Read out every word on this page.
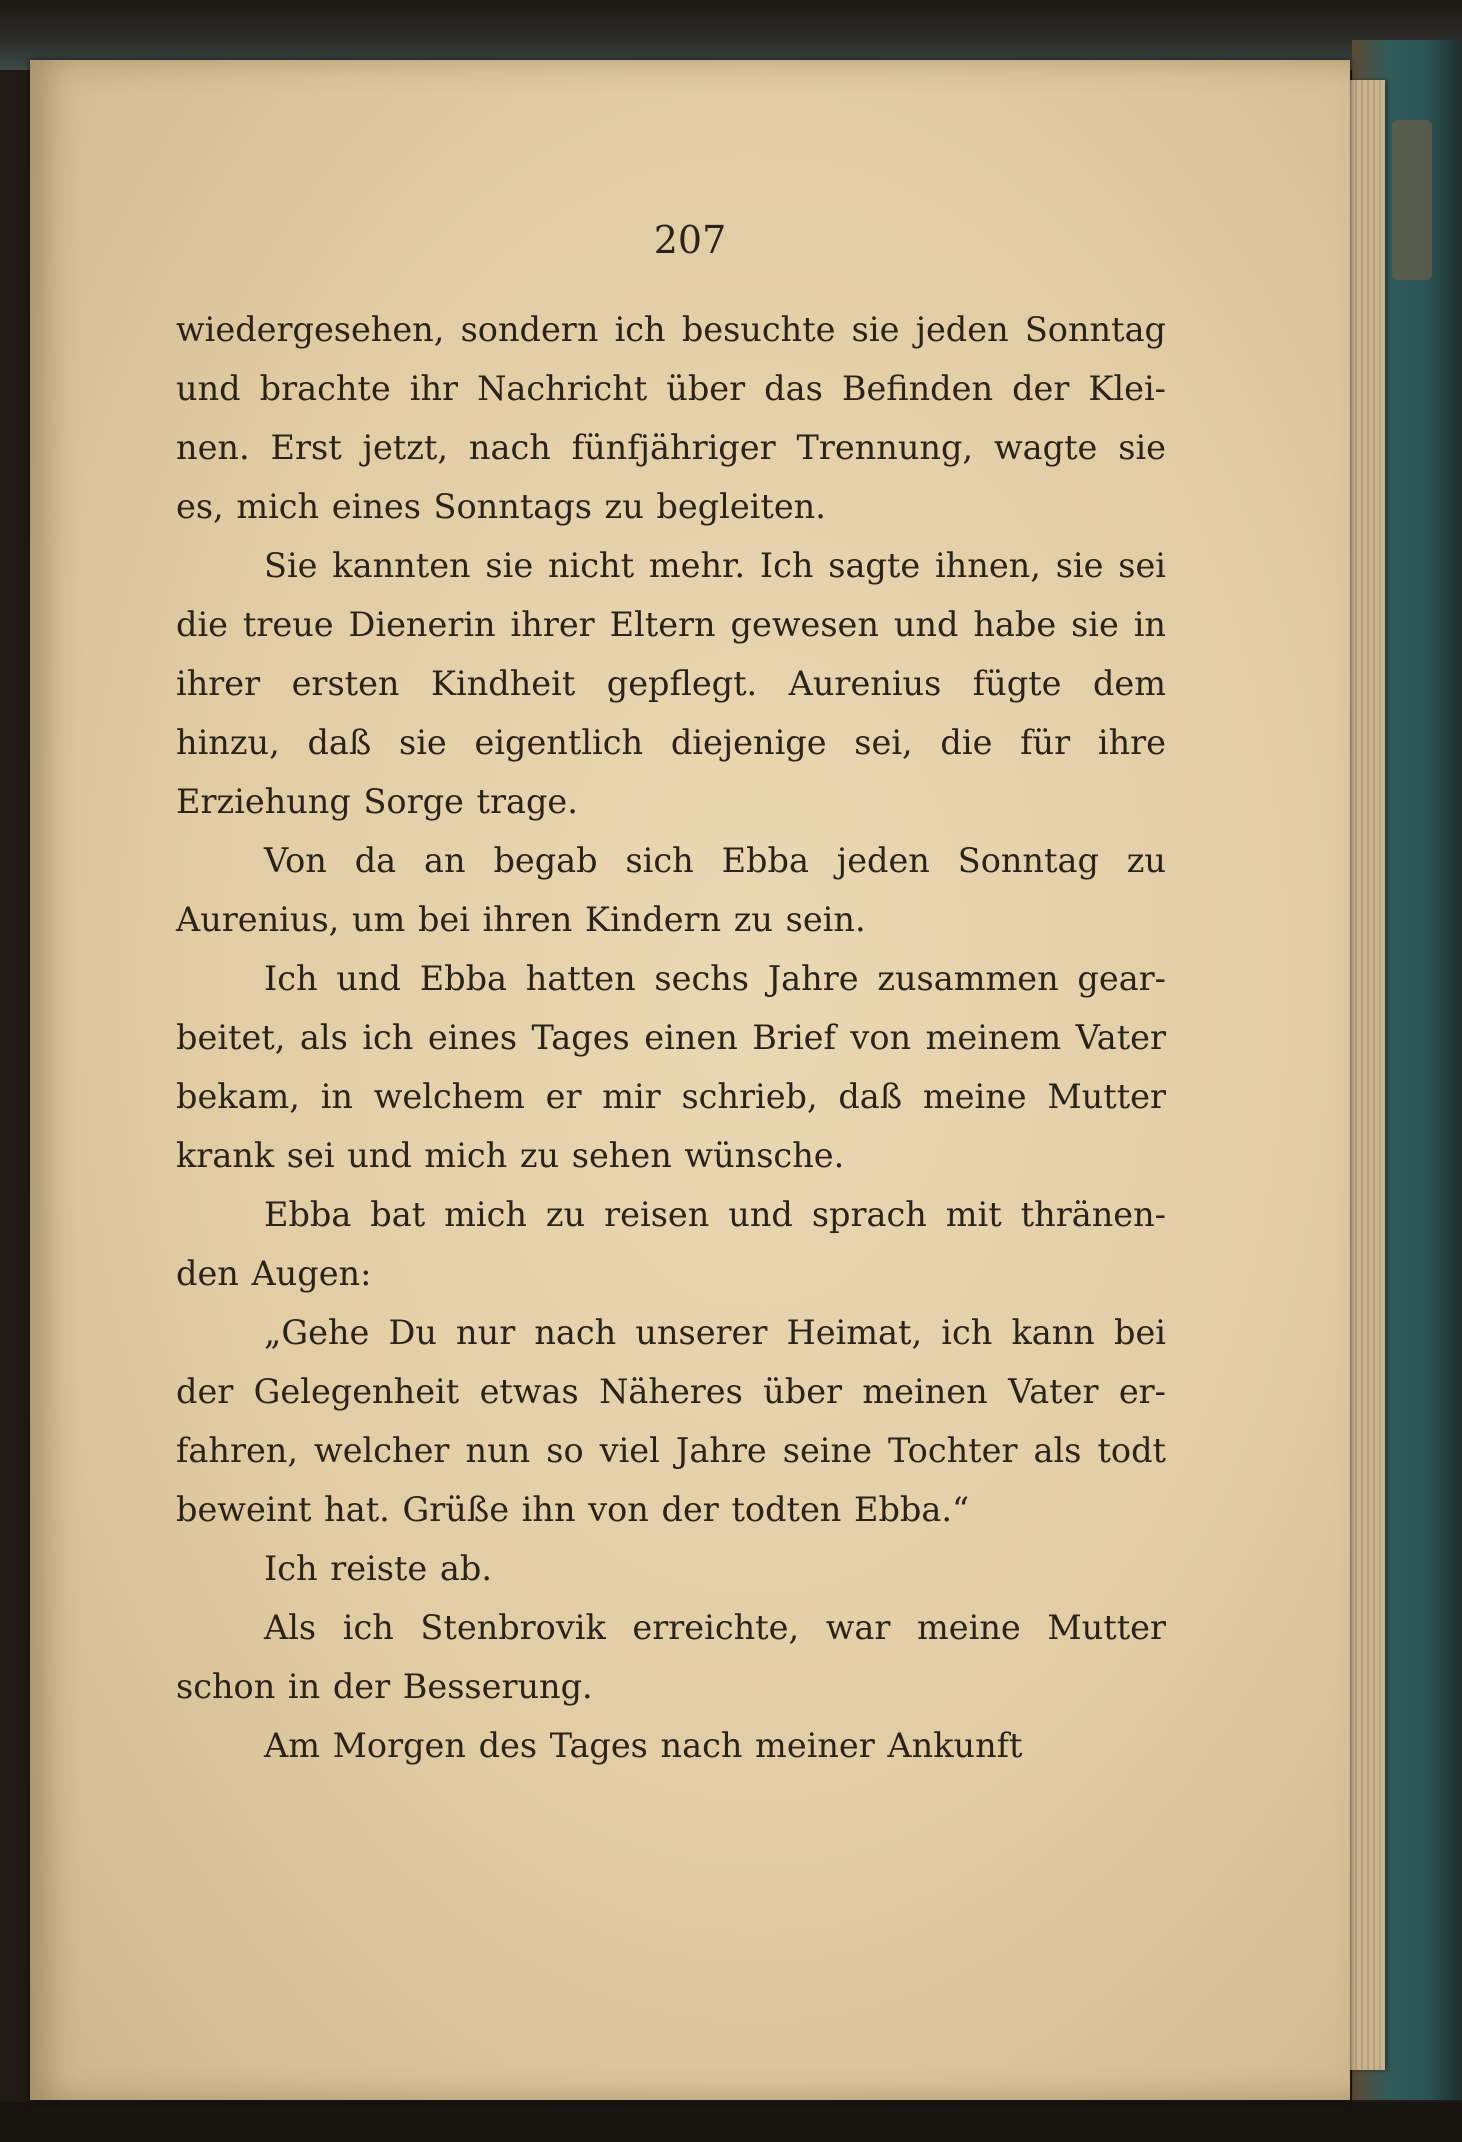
207

wiedergesehen, sondern ich besuchte sie jeden Sonntag und brachte ihr Nachricht über das Befinden der Klei-nen. Erst jetzt, nach fünfjähriger Trennung, wagte sie es, mich eines Sonntags zu begleiten.

Sie kannten sie nicht mehr. Ich sagte ihnen, sie sei die treue Dienerin ihrer Eltern gewesen und habe sie in ihrer ersten Kindheit gepflegt. Aurenius fügte dem hinzu, daß sie eigentlich diejenige sei, die für ihre Erziehung Sorge trage.

Von da an begab sich Ebba jeden Sonntag zu Aurenius, um bei ihren Kindern zu sein.

Ich und Ebba hatten sechs Jahre zusammen gear-beitet, als ich eines Tages einen Brief von meinem Vater bekam, in welchem er mir schrieb, daß meine Mutter krank sei und mich zu sehen wünsche.

Ebba bat mich zu reisen und sprach mit thränen-den Augen:

„Gehe Du nur nach unserer Heimat, ich kann bei der Gelegenheit etwas Näheres über meinen Vater er-fahren, welcher nun so viel Jahre seine Tochter als todt beweint hat. Grüße ihn von der todten Ebba.“

Ich reiste ab.

Als ich Stenbrovik erreichte, war meine Mutter schon in der Besserung.

Am Morgen des Tages nach meiner Ankunft
